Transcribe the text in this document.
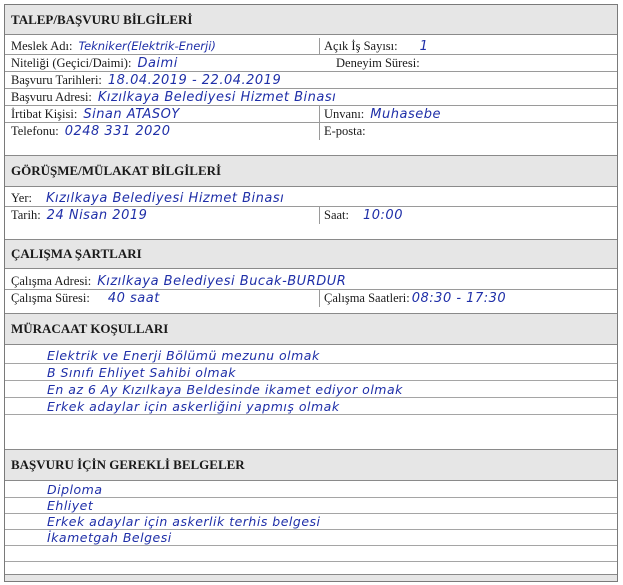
TALEP/BAŞVURU BİLGİLERİ
Meslek Adı: Tekniker(Elektrik-Enerji)	Açık İş Sayısı: 1
Niteliği (Geçici/Daimi): Daimi	Deneyim Süresi:
Başvuru Tarihleri: 18.04.2019 - 22.04.2019
Başvuru Adresi: Kızılkaya Belediyesi Hizmet Binası
İrtibat Kişisi: Sinan ATASOY	Unvanı: Muhasebe
Telefonu: 0248 331 2020	E-posta:
GÖRÜŞME/MÜLAKAT BİLGİLERİ
Yer: Kızılkaya Belediyesi Hizmet Binası
Tarih: 24 Nisan 2019	Saat: 10:00
ÇALIŞMA ŞARTLARI
Çalışma Adresi: Kızılkaya Belediyesi Bucak-BURDUR
Çalışma Süresi: 40 saat	Çalışma Saatleri: 08:30 - 17:30
MÜRACAAT KOŞULLARI
Elektrik ve Enerji Bölümü mezunu olmak
B Sınıfı Ehliyet Sahibi olmak
En az 6 Ay Kızılkaya Beldesinde ikamet ediyor olmak
Erkek adaylar için askerliğini yapmış olmak
BAŞVURU İÇİN GEREKLİ BELGELER
Diploma
Ehliyet
Erkek adaylar için askerlik terhis belgesi
İkametgah Belgesi
